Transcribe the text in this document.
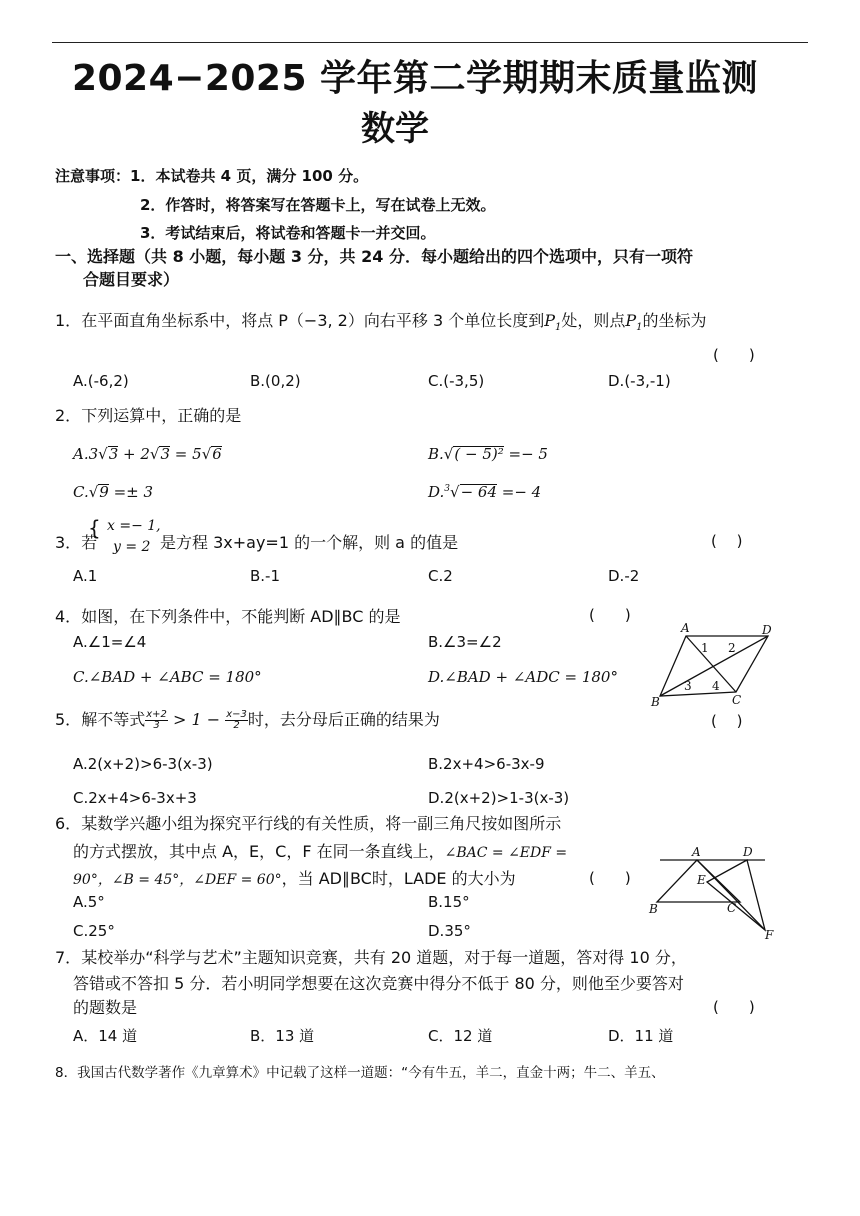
2024−2025 学年第二学期期末质量监测
数学
注意事项：1．本试卷共 4 页，满分 100 分。
2．作答时，将答案写在答题卡上，写在试卷上无效。
3．考试结束后，将试卷和答题卡一并交回。
一、选择题（共 8 小题，每小题 3 分，共 24 分．每小题给出的四个选项中，只有一项符
合题目要求）
1．在平面直角坐标系中，将点 P（−3, 2）向右平移 3 个单位长度到$P_1$处，则点$P_1$的坐标为
(　　)
A.(-6,2)	B.(0,2)	C.(-3,5)	D.(-3,-1)
2．下列运算中，正确的是
A.3√3 + 2√3 = 5√6	B.√( − 5)² =− 5
C.√9 =± 3	D.$^3$√− 64 =− 4
3．若
{ x =− 1,
y = 2 是方程 3x+ay=1 的一个解，则 a 的值是	(　 )
A.1	B.-1	C.2	D.-2
4．如图，在下列条件中，不能判断 AD∥BC 的是	(　　)
A.∠1=∠4	B.∠3=∠2
C.∠BAD + ∠ABC = 180°	D.∠BAD + ∠ADC = 180°
A	D
B	C
1 2
3 4
5．解不等式 $\frac{x+2}{3} > 1 - \frac{x-3}{2}$ 时，去分母后正确的结果为	(　 )
A.2(x+2)>6-3(x-3)	B.2x+4>6-3x-9
C.2x+4>6-3x+3	D.2(x+2)>1-3(x-3)
6．某数学兴趣小组为探究平行线的有关性质，将一副三角尺按如图所示
的方式摆放，其中点 A，E，C，F 在同一条直线上，∠BAC = ∠EDF =
90°，∠B = 45°，∠DEF = 60°，当 AD∥BC时，LADE 的大小为	(　　)
A.5°	B.15°
C.25°	D.35°
A	D
E
B	C
F
7．某校举办“科学与艺术”主题知识竞赛，共有 20 道题，对于每一道题，答对得 10 分，
答错或不答扣 5 分．若小明同学想要在这次竞赛中得分不低于 80 分，则他至少要答对
的题数是	(　　)
A．14 道	B．13 道	C．12 道	D．11 道
8．我国古代数学著作《九章算术》中记载了这样一道题：“今有牛五，羊二，直金十两；牛二、羊五、
